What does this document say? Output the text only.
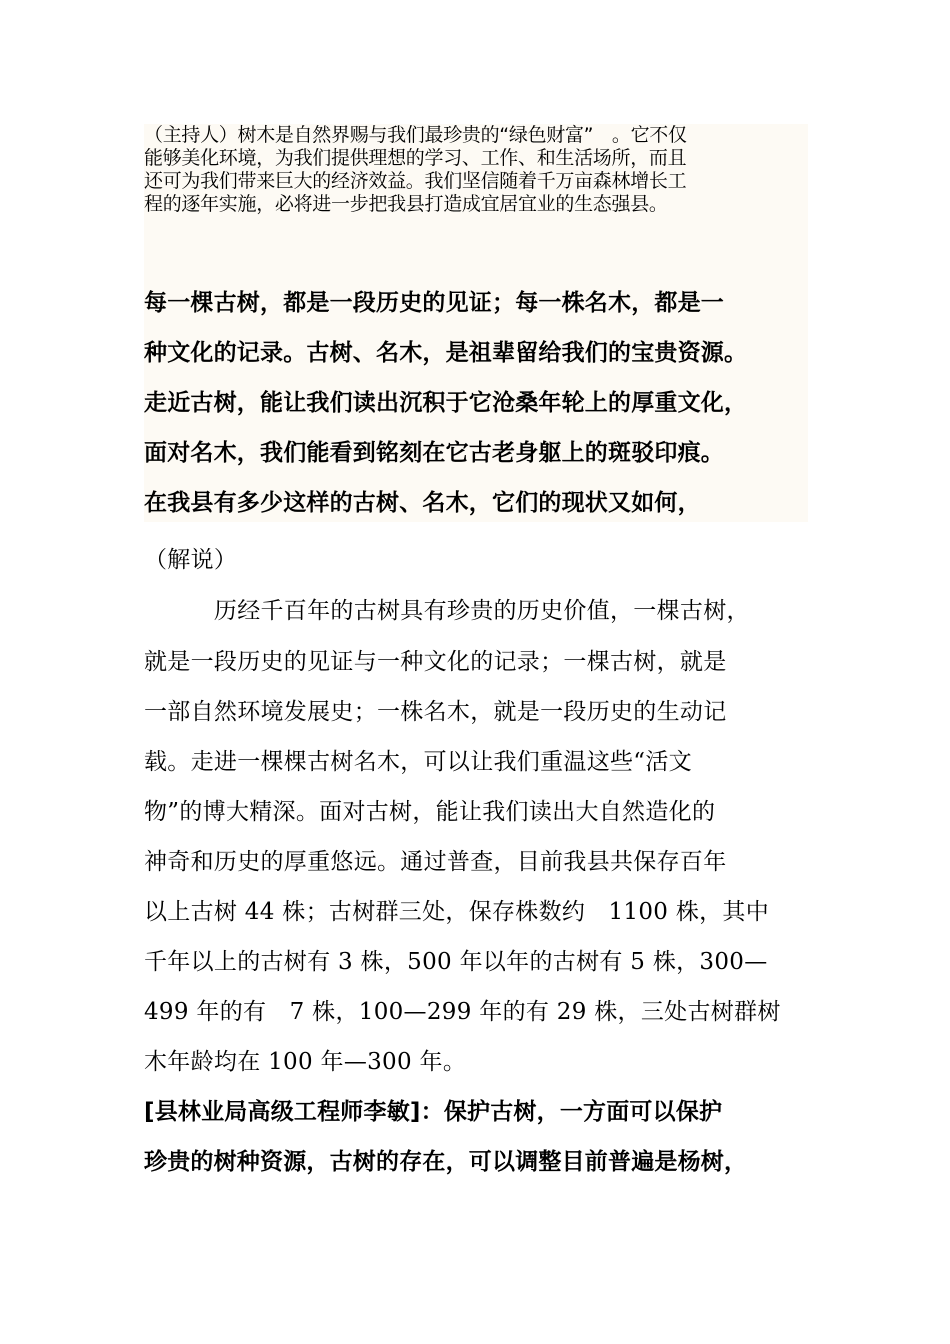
（主持人）树木是自然界赐与我们最珍贵的“绿色财富”　。它不仅
能够美化环境，为我们提供理想的学习、工作、和生活场所，而且
还可为我们带来巨大的经济效益。我们坚信随着千万亩森林增长工
程的逐年实施，必将进一步把我县打造成宜居宜业的生态强县。
每一棵古树，都是一段历史的见证；每一株名木，都是一
种文化的记录。古树、名木，是祖辈留给我们的宝贵资源。
走近古树，能让我们读出沉积于它沧桑年轮上的厚重文化，
面对名木，我们能看到铭刻在它古老身躯上的斑驳印痕。
在我县有多少这样的古树、名木，它们的现状又如何，
（解说）
　　　历经千百年的古树具有珍贵的历史价值，一棵古树，
就是一段历史的见证与一种文化的记录；一棵古树，就是
一部自然环境发展史；一株名木，就是一段历史的生动记
载。走进一棵棵古树名木，可以让我们重温这些“活文
物”的博大精深。面对古树，能让我们读出大自然造化的
神奇和历史的厚重悠远。通过普查，目前我县共保存百年
以上古树 44 株；古树群三处，保存株数约　1100 株，其中
千年以上的古树有 3 株，500 年以年的古树有 5 株，300—
499 年的有　7 株，100—299 年的有 29 株，三处古树群树
木年龄均在 100 年—300 年。
[县林业局高级工程师李敏]：保护古树，一方面可以保护
珍贵的树种资源，古树的存在，可以调整目前普遍是杨树，
